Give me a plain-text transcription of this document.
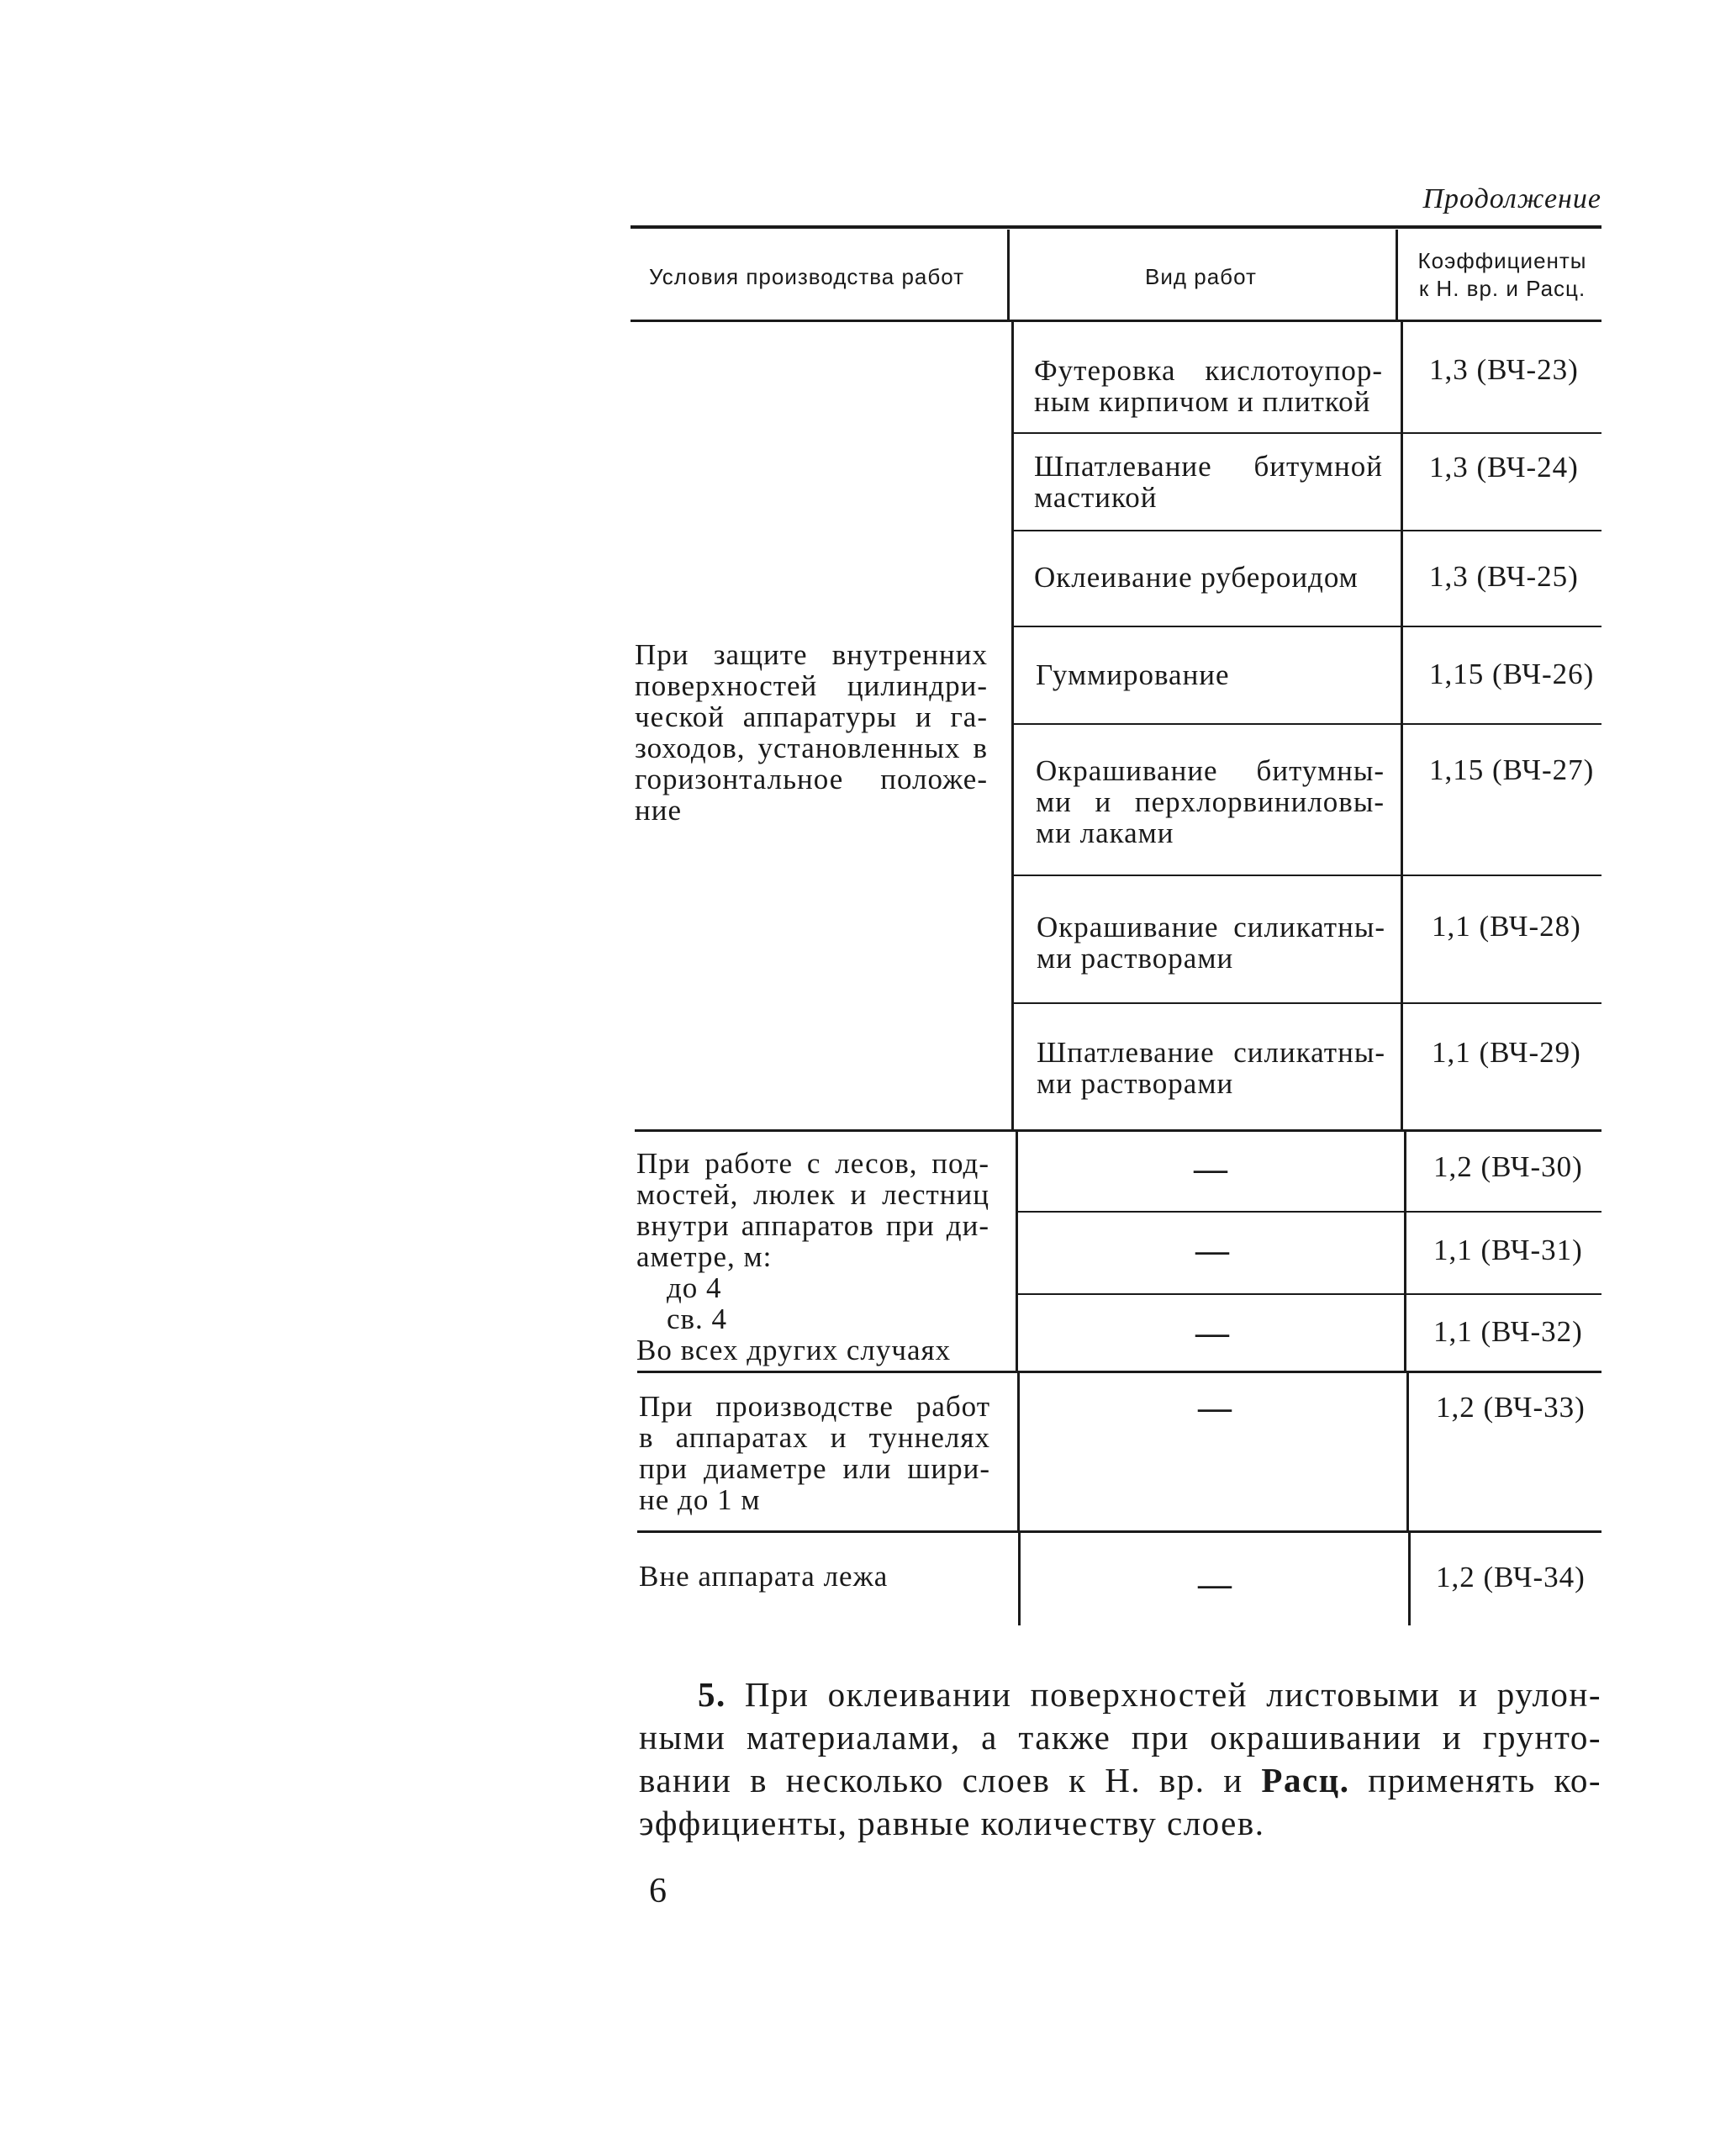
Продолжение
Условия производства работ	Вид работ
Коэффициенты
к Н. вр. и Расц.
При защите внутренних
поверхностей цилиндри-
ческой аппаратуры и га-
зоходов, установленных в
горизонтальное положе-
ние
При работе с лесов, под-
мостей, люлек и лестниц
внутри аппаратов при ди-
аметре, м:
до 4
св. 4
Во всех других случаях
При производстве работ
в аппаратах и туннелях
при диаметре или шири-
не до 1 м
Вне аппарата лежа
Футеровка кислотоупор-
ным кирпичом и плиткой
Шпатлевание битумной
мастикой
Оклеивание рубероидом
Гуммирование
Окрашивание битумны-
ми и перхлорвиниловы-
ми лаками
Окрашивание силикатны-
ми растворами
Шпатлевание силикатны-
ми растворами
—
—
—
—
—
1,3 (ВЧ-23)
1,3 (ВЧ-24)
1,3 (ВЧ-25)
1,15 (ВЧ-26)
1,15 (ВЧ-27)
1,1 (ВЧ-28)
1,1 (ВЧ-29)
1,2 (ВЧ-30)
1,1 (ВЧ-31)
1,1 (ВЧ-32)
1,2 (ВЧ-33)
1,2 (ВЧ-34)
5. При оклеивании поверхностей листовыми и рулон-
ными материалами, а также при окрашивании и грунто-
вании в несколько слоев к Н. вр. и Расц. применять ко-
эффициенты, равные количеству слоев.
6
